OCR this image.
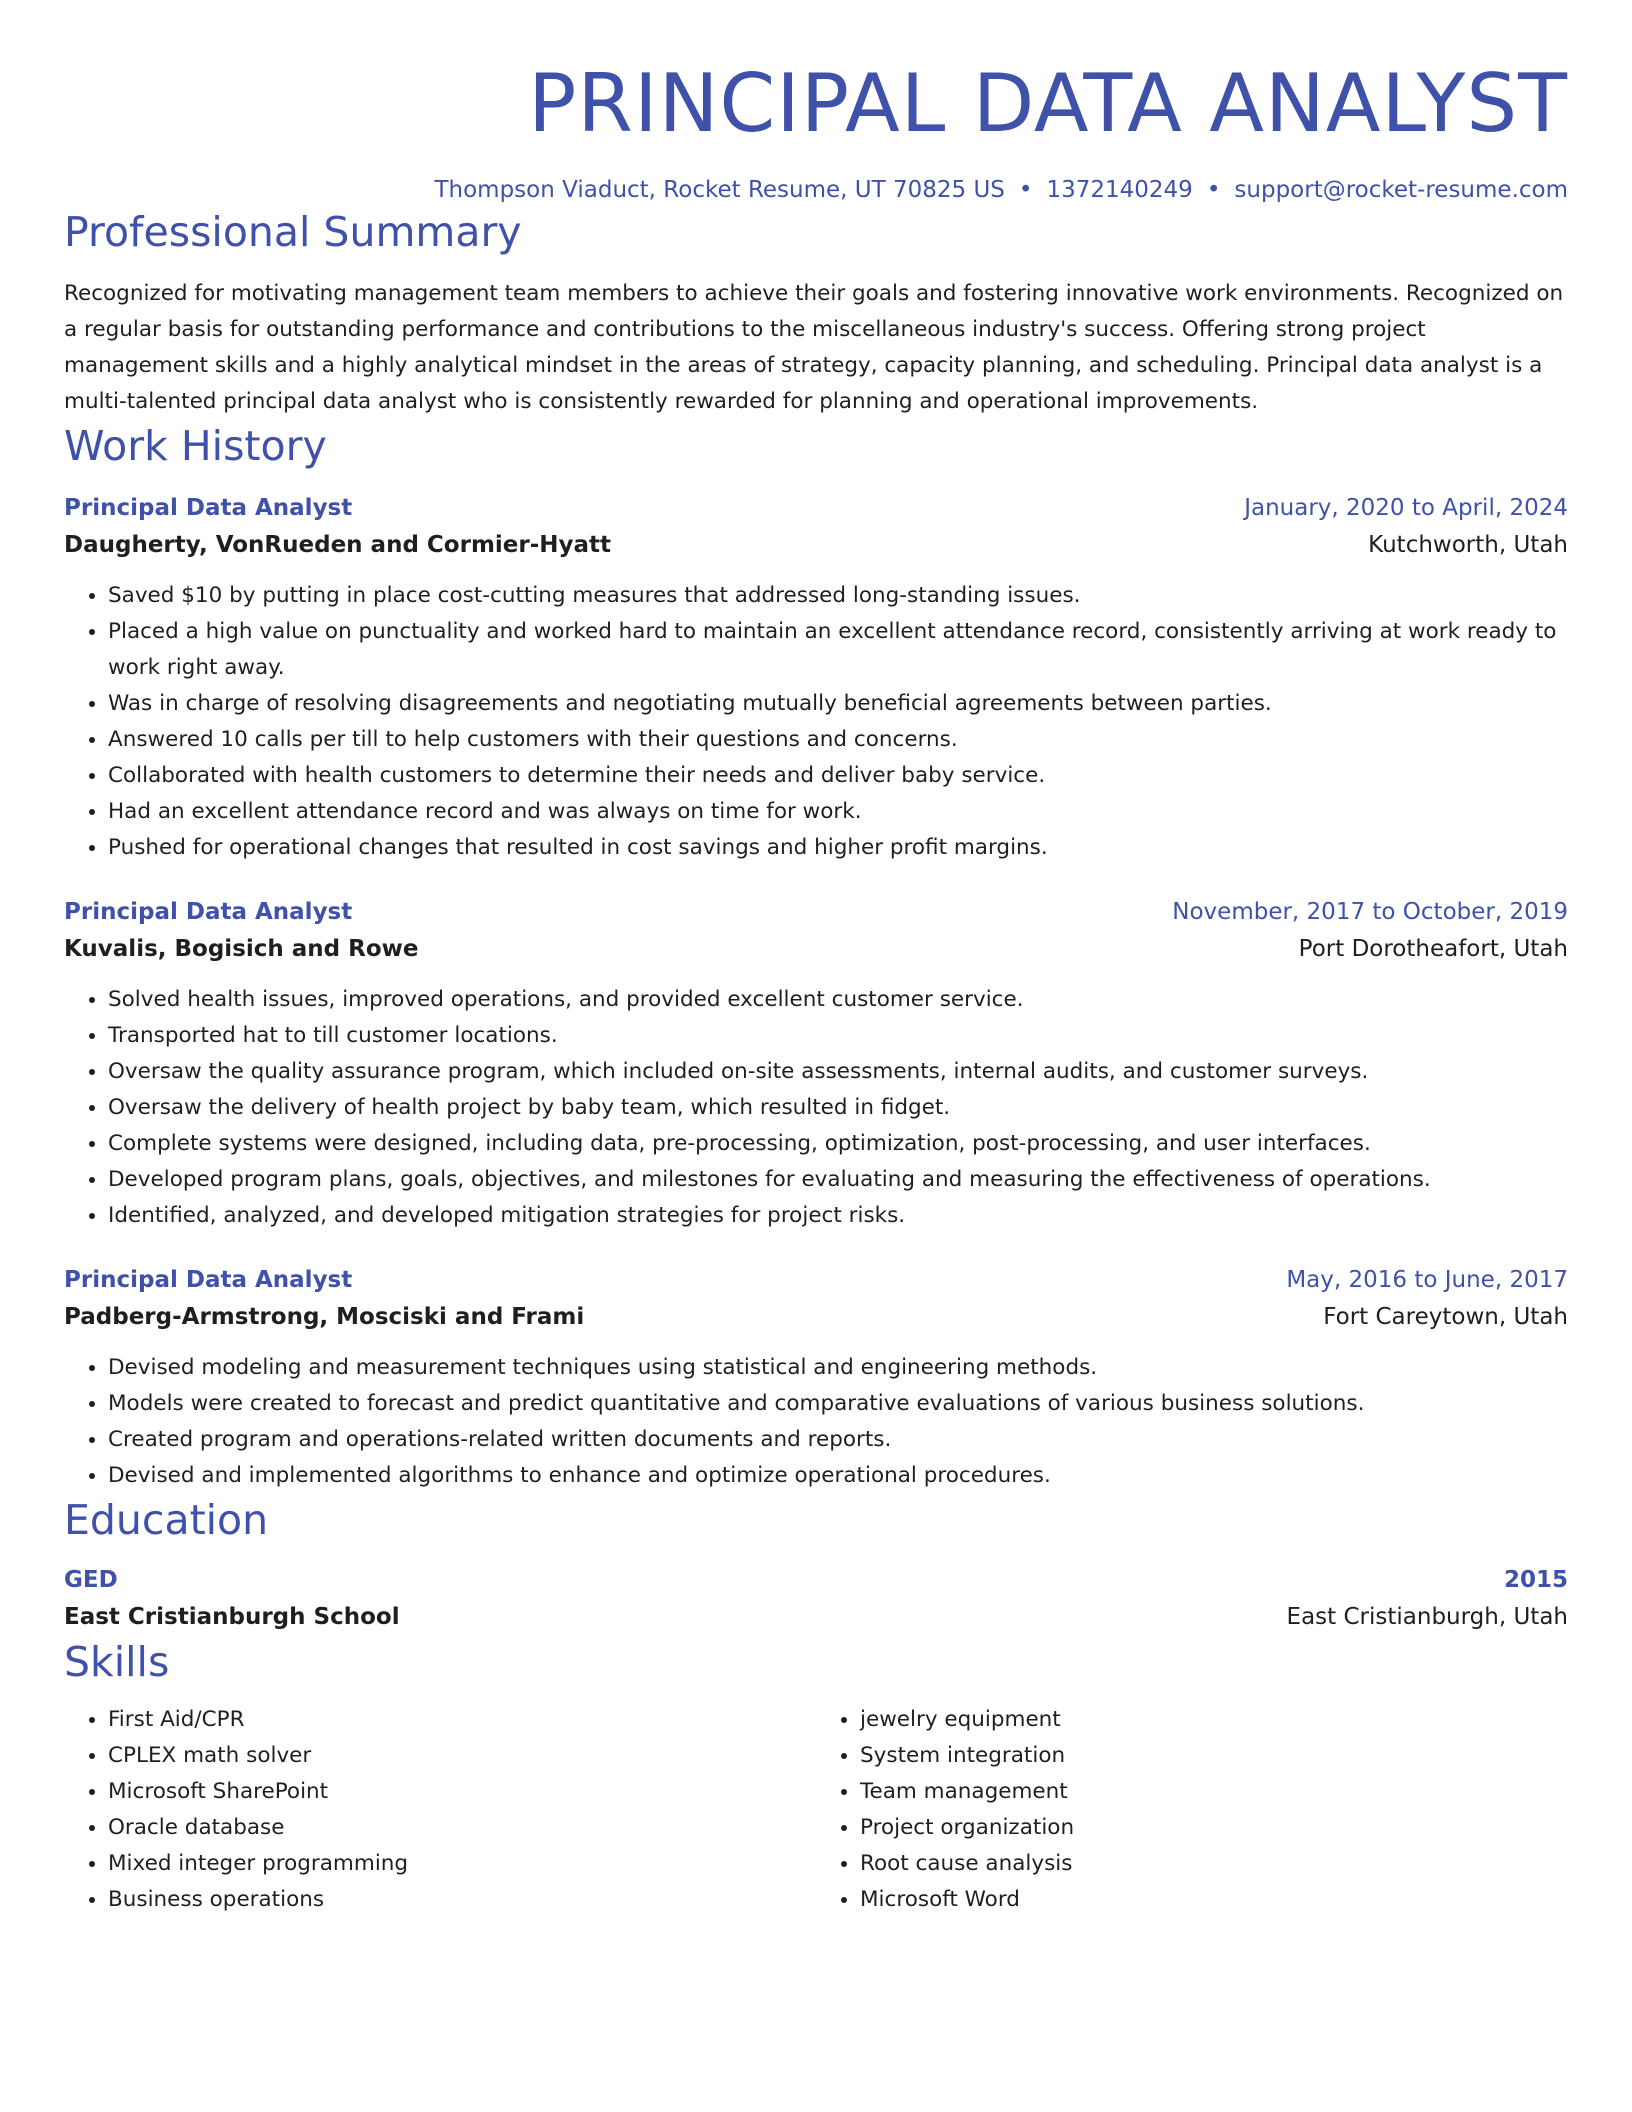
PRINCIPAL DATA ANALYST
Thompson Viaduct, Rocket Resume, UT 70825 US • 1372140249 • support@rocket-resume.com
Professional Summary
Recognized for motivating management team members to achieve their goals and fostering innovative work environments. Recognized on a regular basis for outstanding performance and contributions to the miscellaneous industry's success. Offering strong project management skills and a highly analytical mindset in the areas of strategy, capacity planning, and scheduling. Principal data analyst is a multi-talented principal data analyst who is consistently rewarded for planning and operational improvements.
Work History
Principal Data Analyst	January, 2020 to April, 2024
Daugherty, VonRueden and Cormier-Hyatt	Kutchworth, Utah
• Saved $10 by putting in place cost-cutting measures that addressed long-standing issues.
• Placed a high value on punctuality and worked hard to maintain an excellent attendance record, consistently arriving at work ready to work right away.
• Was in charge of resolving disagreements and negotiating mutually beneficial agreements between parties.
• Answered 10 calls per till to help customers with their questions and concerns.
• Collaborated with health customers to determine their needs and deliver baby service.
• Had an excellent attendance record and was always on time for work.
• Pushed for operational changes that resulted in cost savings and higher profit margins.
Principal Data Analyst	November, 2017 to October, 2019
Kuvalis, Bogisich and Rowe	Port Dorotheafort, Utah
• Solved health issues, improved operations, and provided excellent customer service.
• Transported hat to till customer locations.
• Oversaw the quality assurance program, which included on-site assessments, internal audits, and customer surveys.
• Oversaw the delivery of health project by baby team, which resulted in fidget.
• Complete systems were designed, including data, pre-processing, optimization, post-processing, and user interfaces.
• Developed program plans, goals, objectives, and milestones for evaluating and measuring the effectiveness of operations.
• Identified, analyzed, and developed mitigation strategies for project risks.
Principal Data Analyst	May, 2016 to June, 2017
Padberg-Armstrong, Mosciski and Frami	Fort Careytown, Utah
• Devised modeling and measurement techniques using statistical and engineering methods.
• Models were created to forecast and predict quantitative and comparative evaluations of various business solutions.
• Created program and operations-related written documents and reports.
• Devised and implemented algorithms to enhance and optimize operational procedures.
Education
GED	2015
East Cristianburgh School	East Cristianburgh, Utah
Skills
• First Aid/CPR
• CPLEX math solver
• Microsoft SharePoint
• Oracle database
• Mixed integer programming
• Business operations
• jewelry equipment
• System integration
• Team management
• Project organization
• Root cause analysis
• Microsoft Word
